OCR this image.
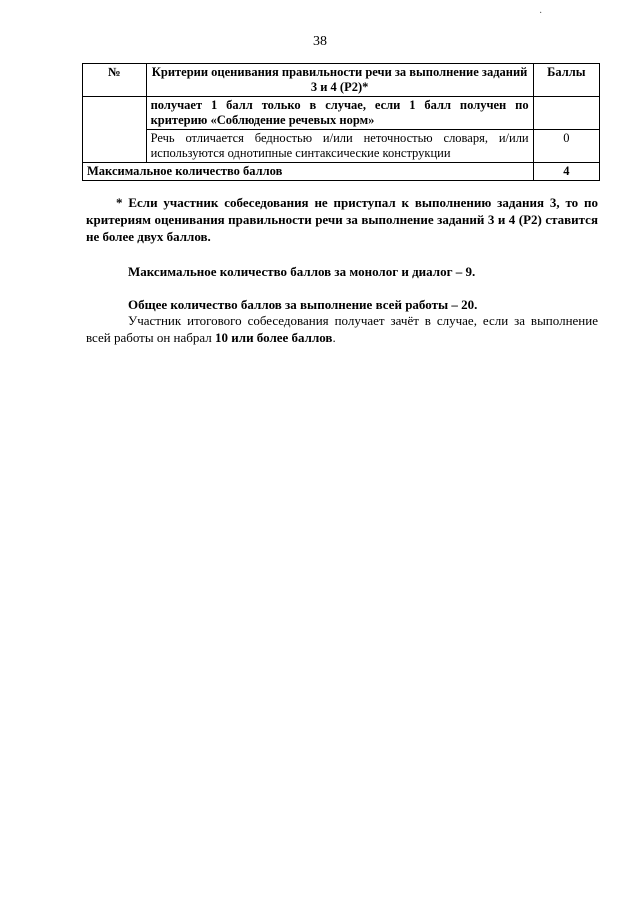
38
·
№	Критерии оценивания правильности речи за выполнение заданий 3 и 4 (Р2)*	Баллы
	получает 1 балл только в случае, если 1 балл получен по критерию «Соблюдение речевых норм»	
	Речь отличается бедностью и/или неточностью словаря, и/или используются однотипные синтаксические конструкции	0
Максимальное количество баллов		4
* Если участник собеседования не приступал к выполнению задания 3, то по критериям оценивания правильности речи за выполнение заданий 3 и 4 (Р2) ставится не более двух баллов.
Максимальное количество баллов за монолог и диалог – 9.
Общее количество баллов за выполнение всей работы – 20.
Участник итогового собеседования получает зачёт в случае, если за выполнение всей работы он набрал 10 или более баллов.
